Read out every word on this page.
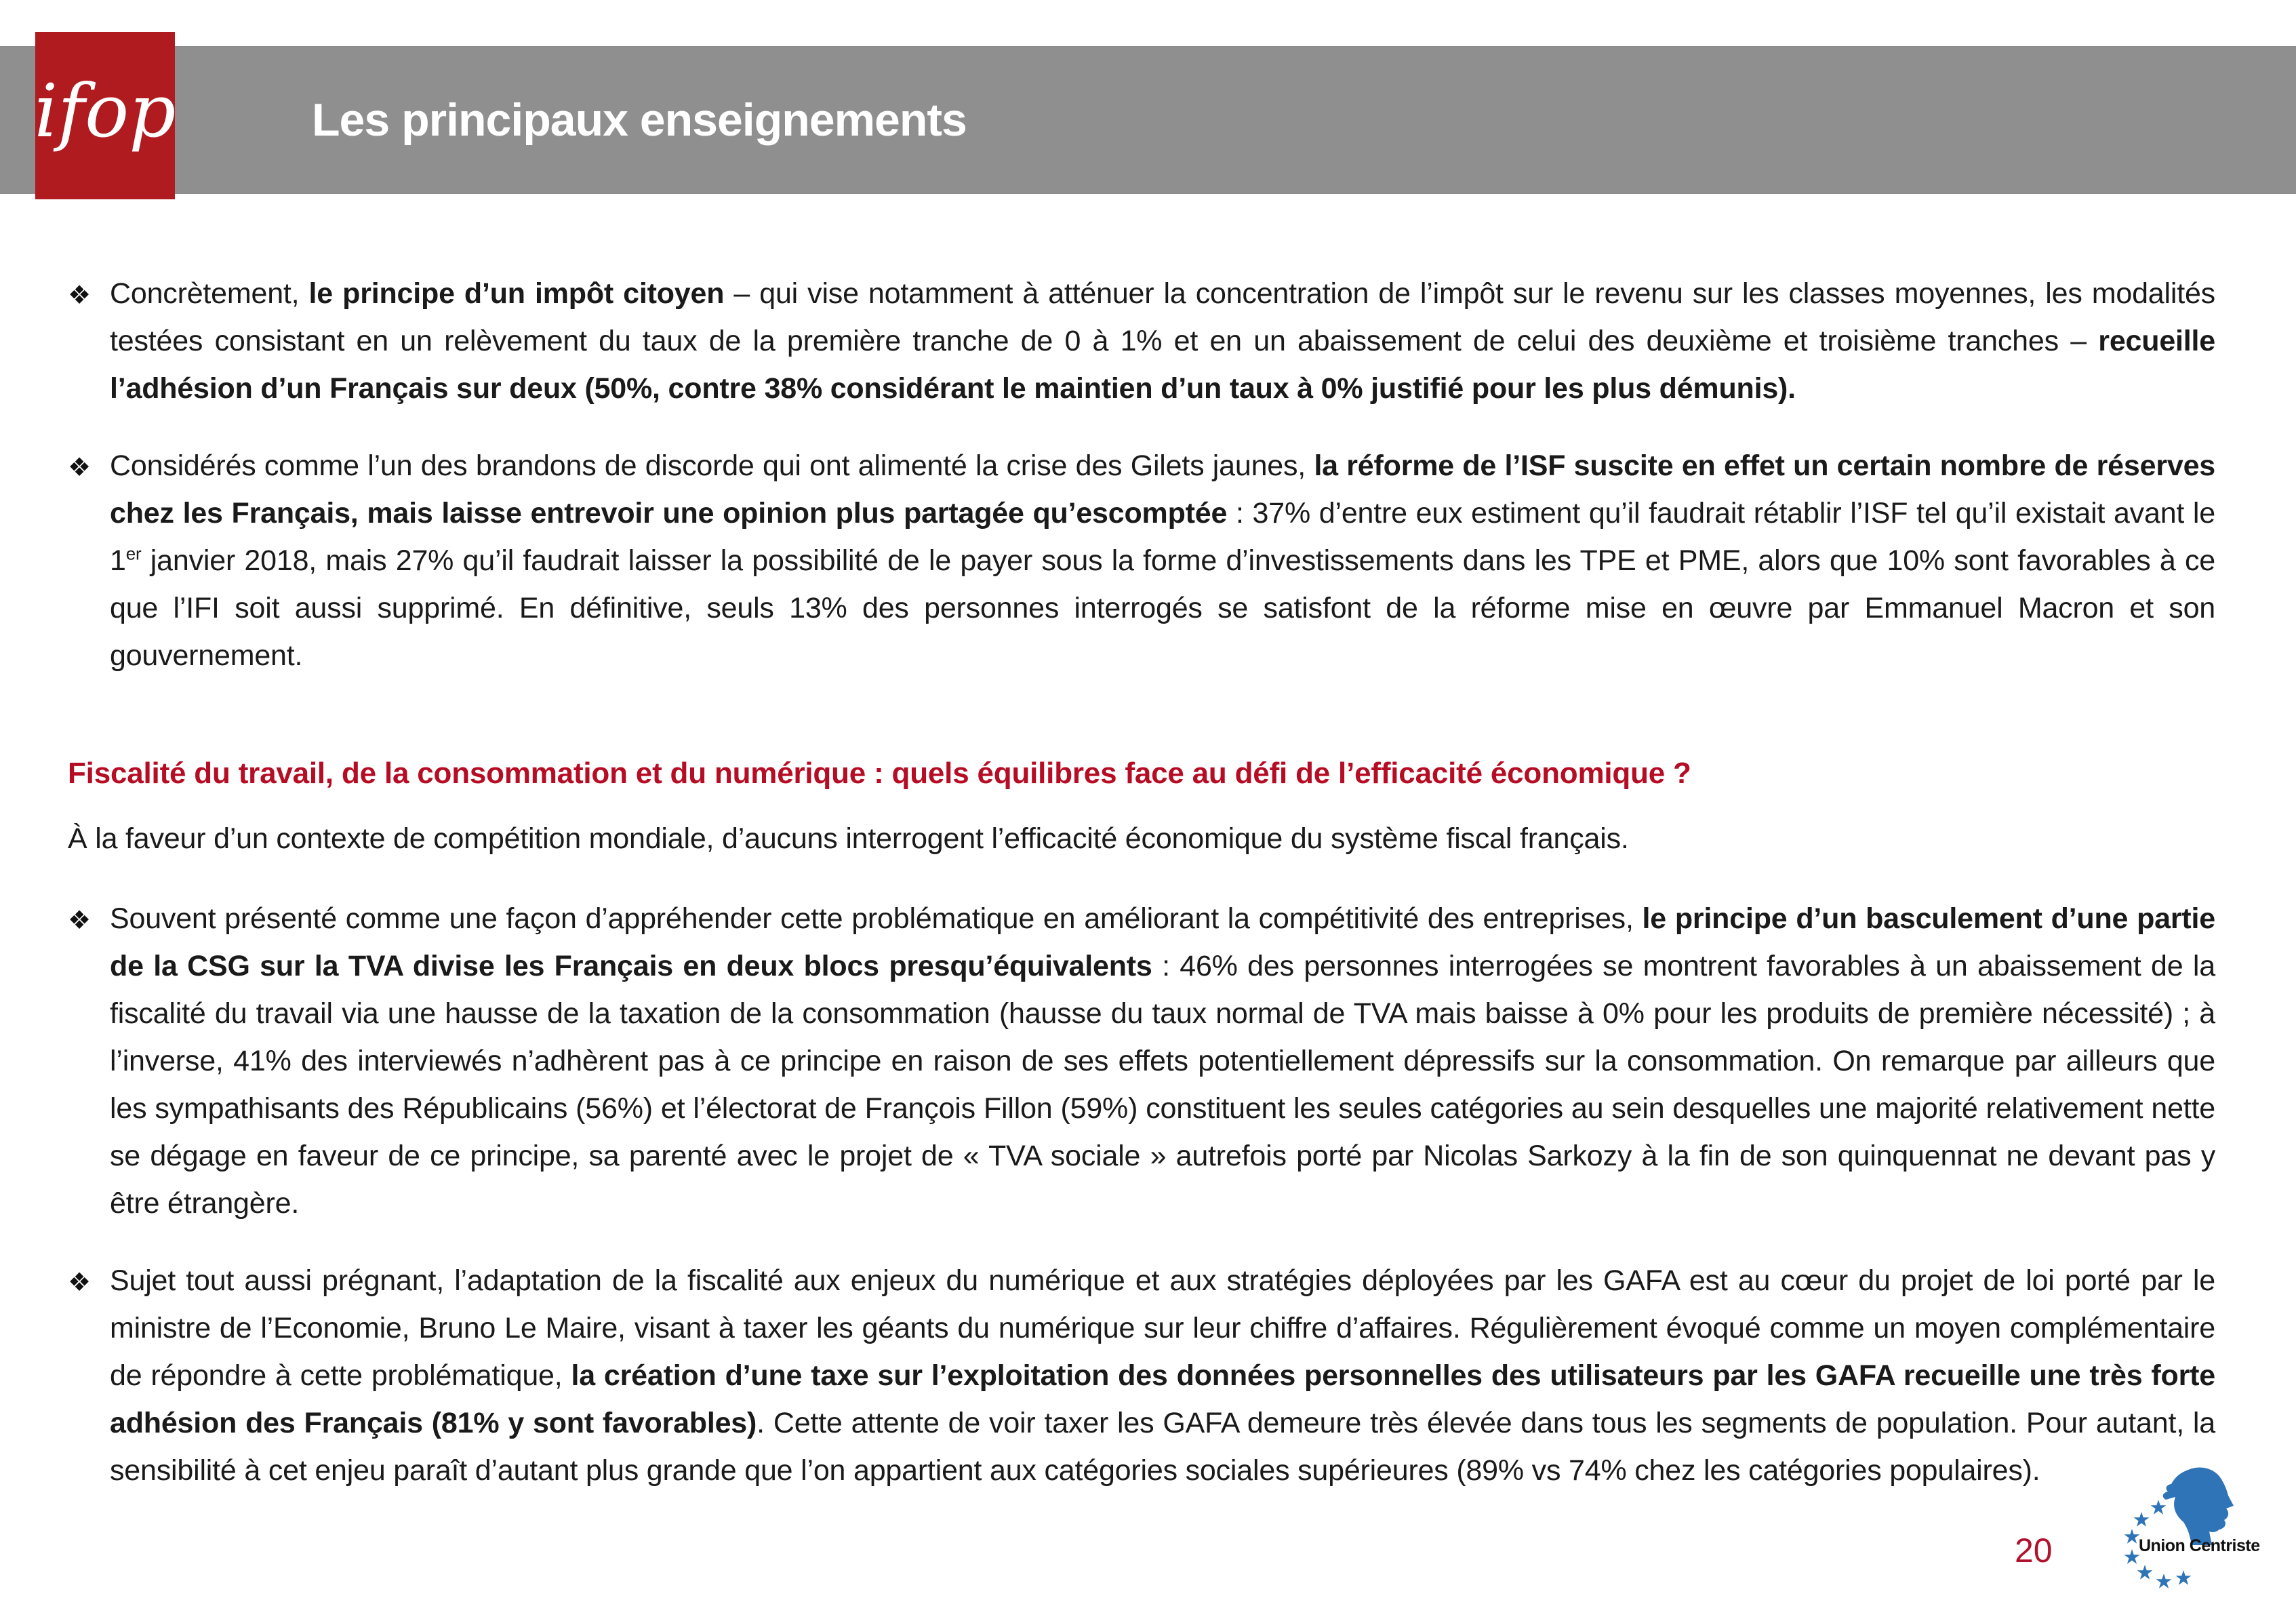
Les principaux enseignements
ifop
❖ Concrètement, le principe d’un impôt citoyen – qui vise notamment à atténuer la concentration de l’impôt sur le revenu sur les classes moyennes, les modalités testées consistant en un relèvement du taux de la première tranche de 0 à 1% et en un abaissement de celui des deuxième et troisième tranches – recueille l’adhésion d’un Français sur deux (50%, contre 38% considérant le maintien d’un taux à 0% justifié pour les plus démunis).
❖ Considérés comme l’un des brandons de discorde qui ont alimenté la crise des Gilets jaunes, la réforme de l’ISF suscite en effet un certain nombre de réserves chez les Français, mais laisse entrevoir une opinion plus partagée qu’escomptée : 37% d’entre eux estiment qu’il faudrait rétablir l’ISF tel qu’il existait avant le 1er janvier 2018, mais 27% qu’il faudrait laisser la possibilité de le payer sous la forme d’investissements dans les TPE et PME, alors que 10% sont favorables à ce que l’IFI soit aussi supprimé. En définitive, seuls 13% des personnes interrogés se satisfont de la réforme mise en œuvre par Emmanuel Macron et son gouvernement.
Fiscalité du travail, de la consommation et du numérique : quels équilibres face au défi de l’efficacité économique ?
À la faveur d’un contexte de compétition mondiale, d’aucuns interrogent l’efficacité économique du système fiscal français.
❖ Souvent présenté comme une façon d’appréhender cette problématique en améliorant la compétitivité des entreprises, le principe d’un basculement d’une partie de la CSG sur la TVA divise les Français en deux blocs presqu’équivalents : 46% des personnes interrogées se montrent favorables à un abaissement de la fiscalité du travail via une hausse de la taxation de la consommation (hausse du taux normal de TVA mais baisse à 0% pour les produits de première nécessité) ; à l’inverse, 41% des interviewés n’adhèrent pas à ce principe en raison de ses effets potentiellement dépressifs sur la consommation. On remarque par ailleurs que les sympathisants des Républicains (56%) et l’électorat de François Fillon (59%) constituent les seules catégories au sein desquelles une majorité relativement nette se dégage en faveur de ce principe, sa parenté avec le projet de « TVA sociale » autrefois porté par Nicolas Sarkozy à la fin de son quinquennat ne devant pas y être étrangère.
❖ Sujet tout aussi prégnant, l’adaptation de la fiscalité aux enjeux du numérique et aux stratégies déployées par les GAFA est au cœur du projet de loi porté par le ministre de l’Economie, Bruno Le Maire, visant à taxer les géants du numérique sur leur chiffre d’affaires. Régulièrement évoqué comme un moyen complémentaire de répondre à cette problématique, la création d’une taxe sur l’exploitation des données personnelles des utilisateurs par les GAFA recueille une très forte adhésion des Français (81% y sont favorables). Cette attente de voir taxer les GAFA demeure très élevée dans tous les segments de population. Pour autant, la sensibilité à cet enjeu paraît d’autant plus grande que l’on appartient aux catégories sociales supérieures (89% vs 74% chez les catégories populaires).
20	Union Centriste
